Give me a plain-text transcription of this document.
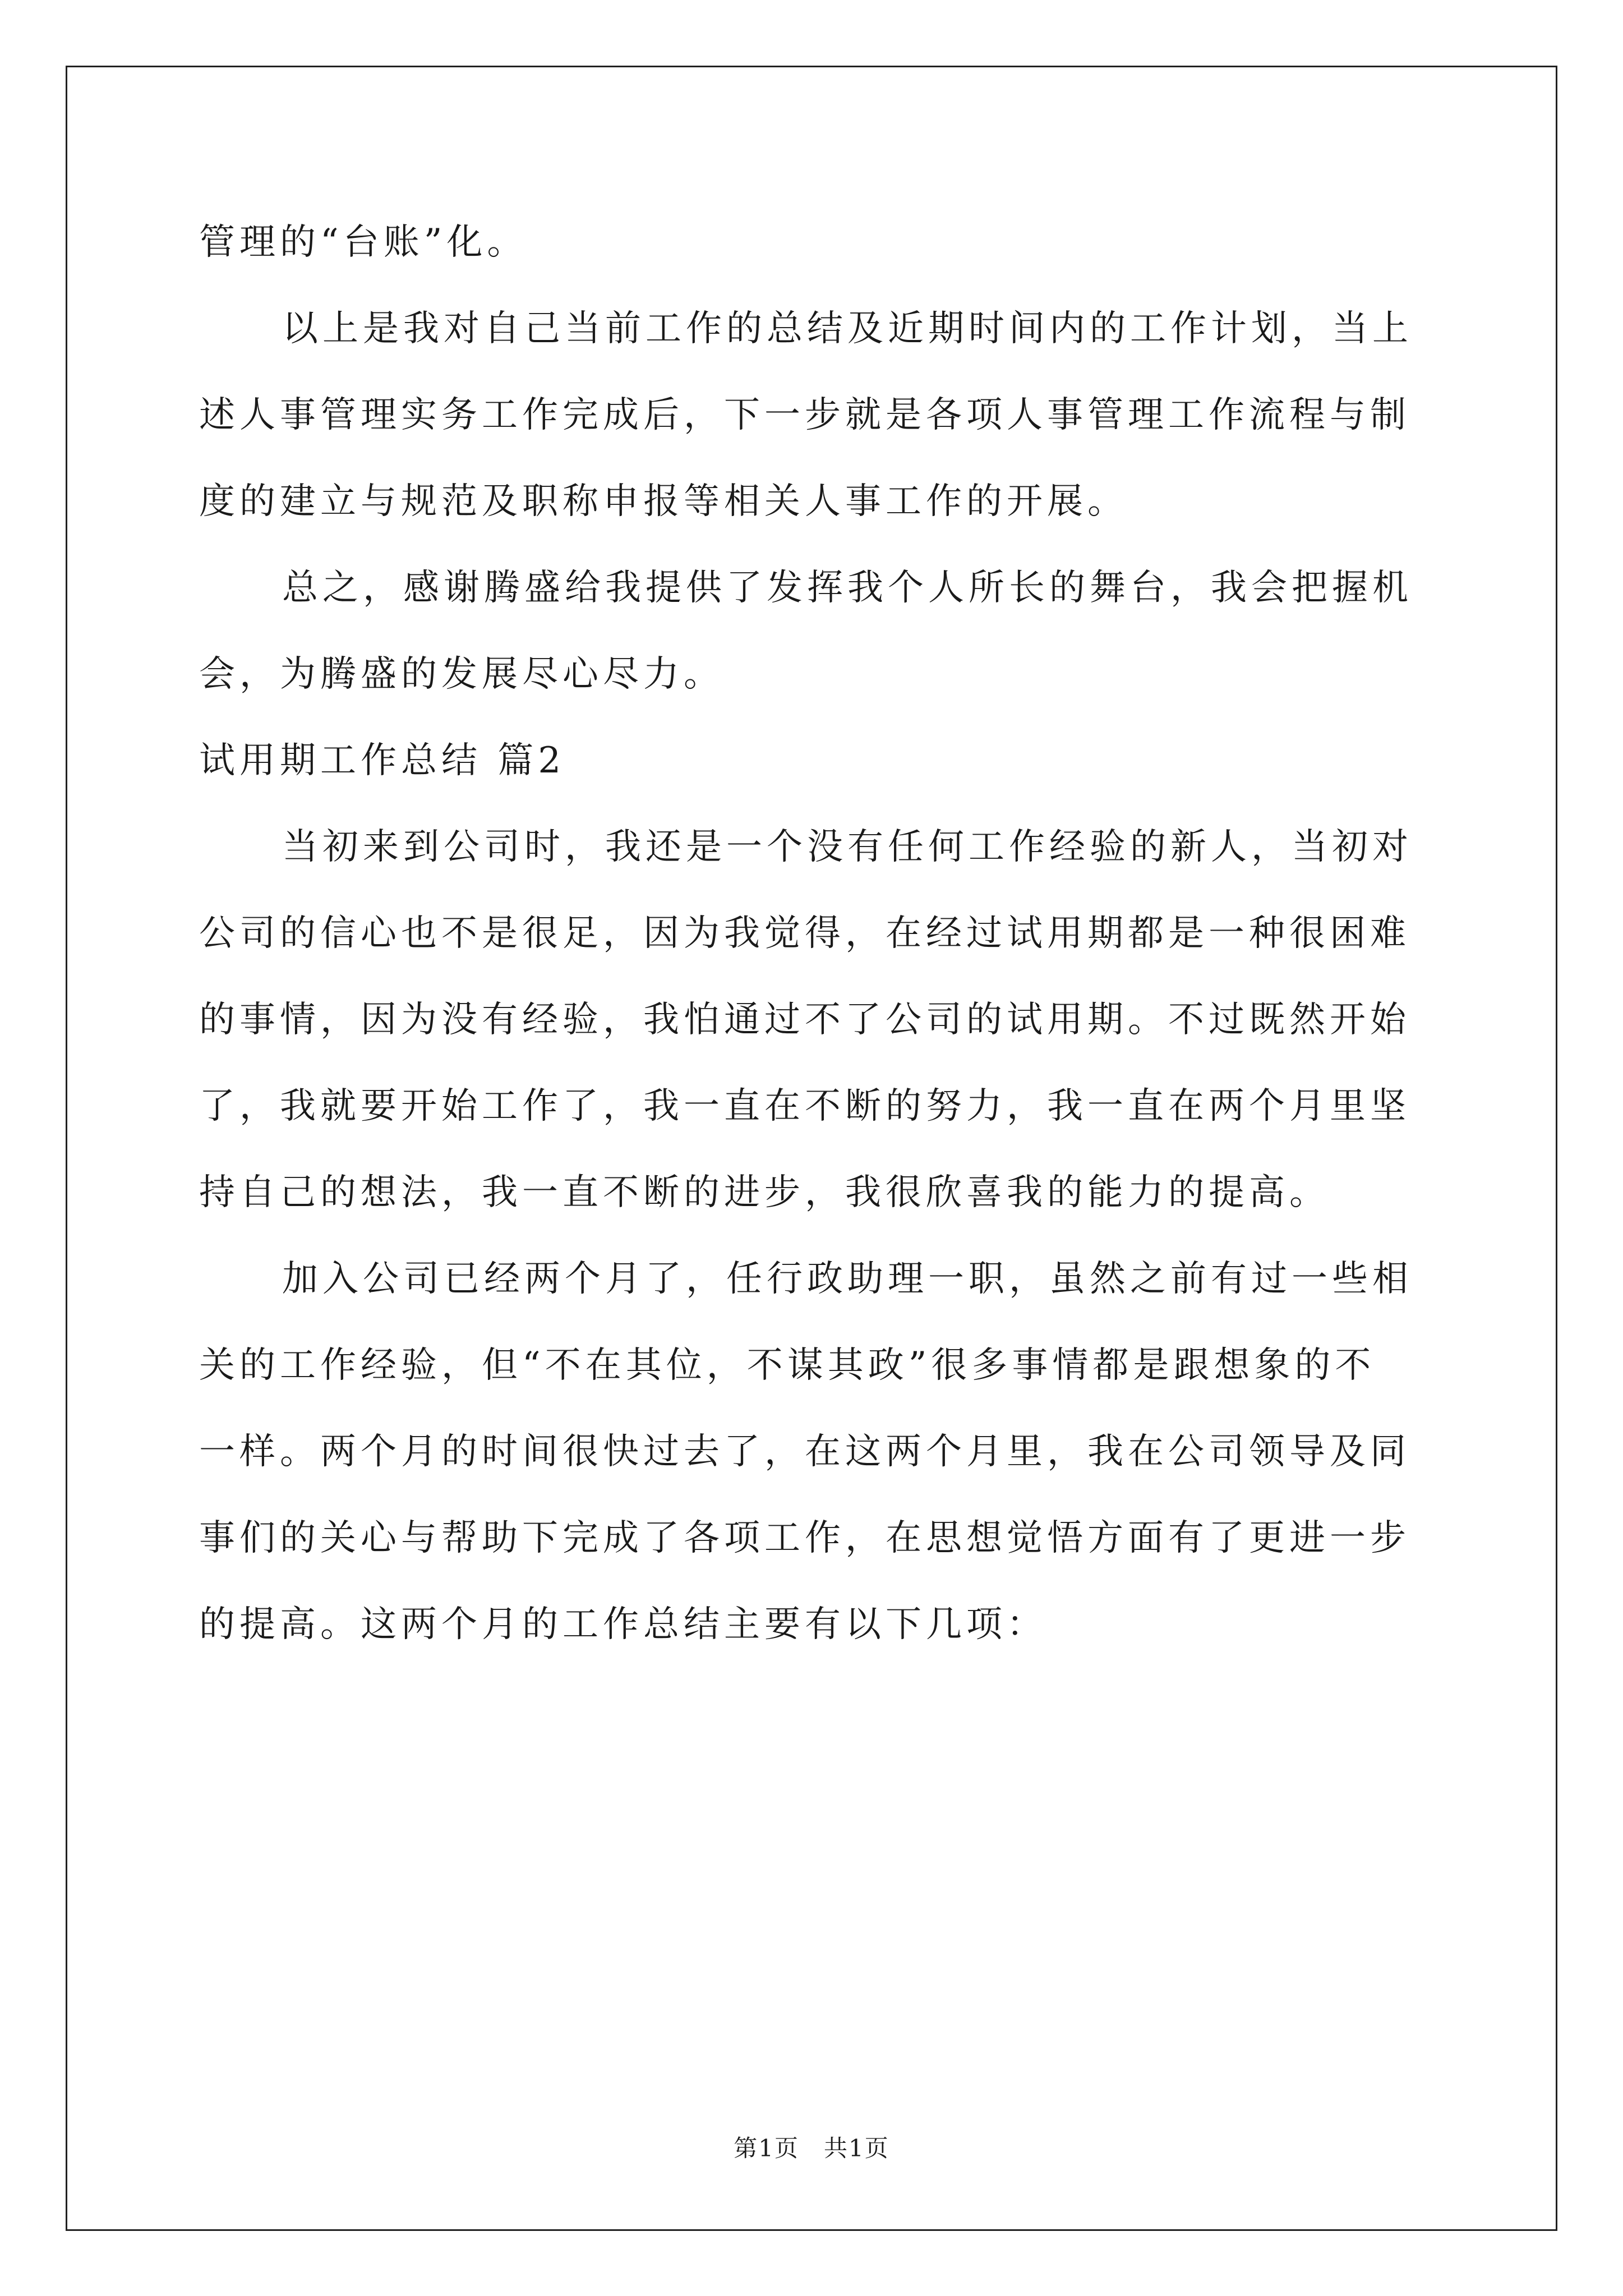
管理的“台账”化。
以上是我对自己当前工作的总结及近期时间内的工作计划，当上
述人事管理实务工作完成后，下一步就是各项人事管理工作流程与制
度的建立与规范及职称申报等相关人事工作的开展。
总之，感谢腾盛给我提供了发挥我个人所长的舞台，我会把握机
会，为腾盛的发展尽心尽力。
试用期工作总结 篇2
当初来到公司时，我还是一个没有任何工作经验的新人，当初对
公司的信心也不是很足，因为我觉得，在经过试用期都是一种很困难
的事情，因为没有经验，我怕通过不了公司的试用期。不过既然开始
了，我就要开始工作了，我一直在不断的努力，我一直在两个月里坚
持自己的想法，我一直不断的进步，我很欣喜我的能力的提高。
加入公司已经两个月了，任行政助理一职，虽然之前有过一些相
关的工作经验，但“不在其位，不谋其政”很多事情都是跟想象的不
一样。两个月的时间很快过去了，在这两个月里，我在公司领导及同
事们的关心与帮助下完成了各项工作，在思想觉悟方面有了更进一步
的提高。这两个月的工作总结主要有以下几项：
第1页　共1页
